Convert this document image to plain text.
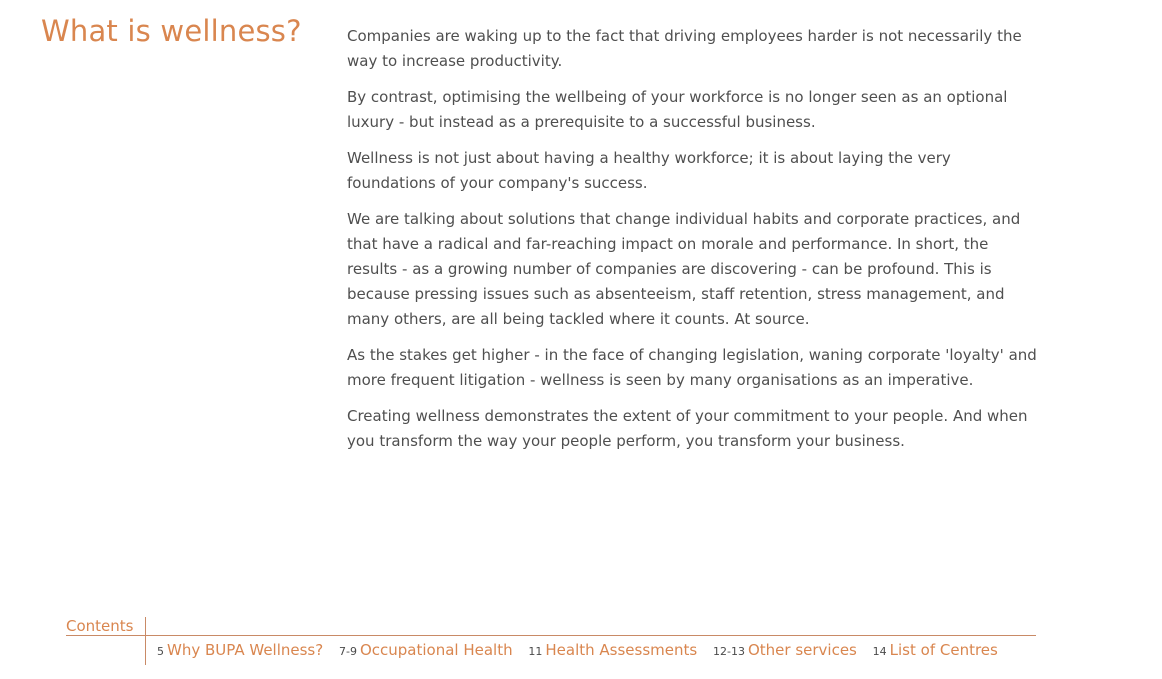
What is wellness?	Companies are waking up to the fact that driving employees harder is not necessarily the way to increase productivity.

By contrast, optimising the wellbeing of your workforce is no longer seen as an optional luxury - but instead as a prerequisite to a successful business.

Wellness is not just about having a healthy workforce; it is about laying the very foundations of your company's success.

We are talking about solutions that change individual habits and corporate practices, and that have a radical and far-reaching impact on morale and performance. In short, the results - as a growing number of companies are discovering - can be profound. This is because pressing issues such as absenteeism, staff retention, stress management, and many others, are all being tackled where it counts. At source.

As the stakes get higher - in the face of changing legislation, waning corporate 'loyalty' and more frequent litigation - wellness is seen by many organisations as an imperative.

Creating wellness demonstrates the extent of your commitment to your people. And when you transform the way your people perform, you transform your business.

Contents
5 Why BUPA Wellness? 7-9 Occupational Health 11 Health Assessments 12-13 Other services 14 List of Centres
